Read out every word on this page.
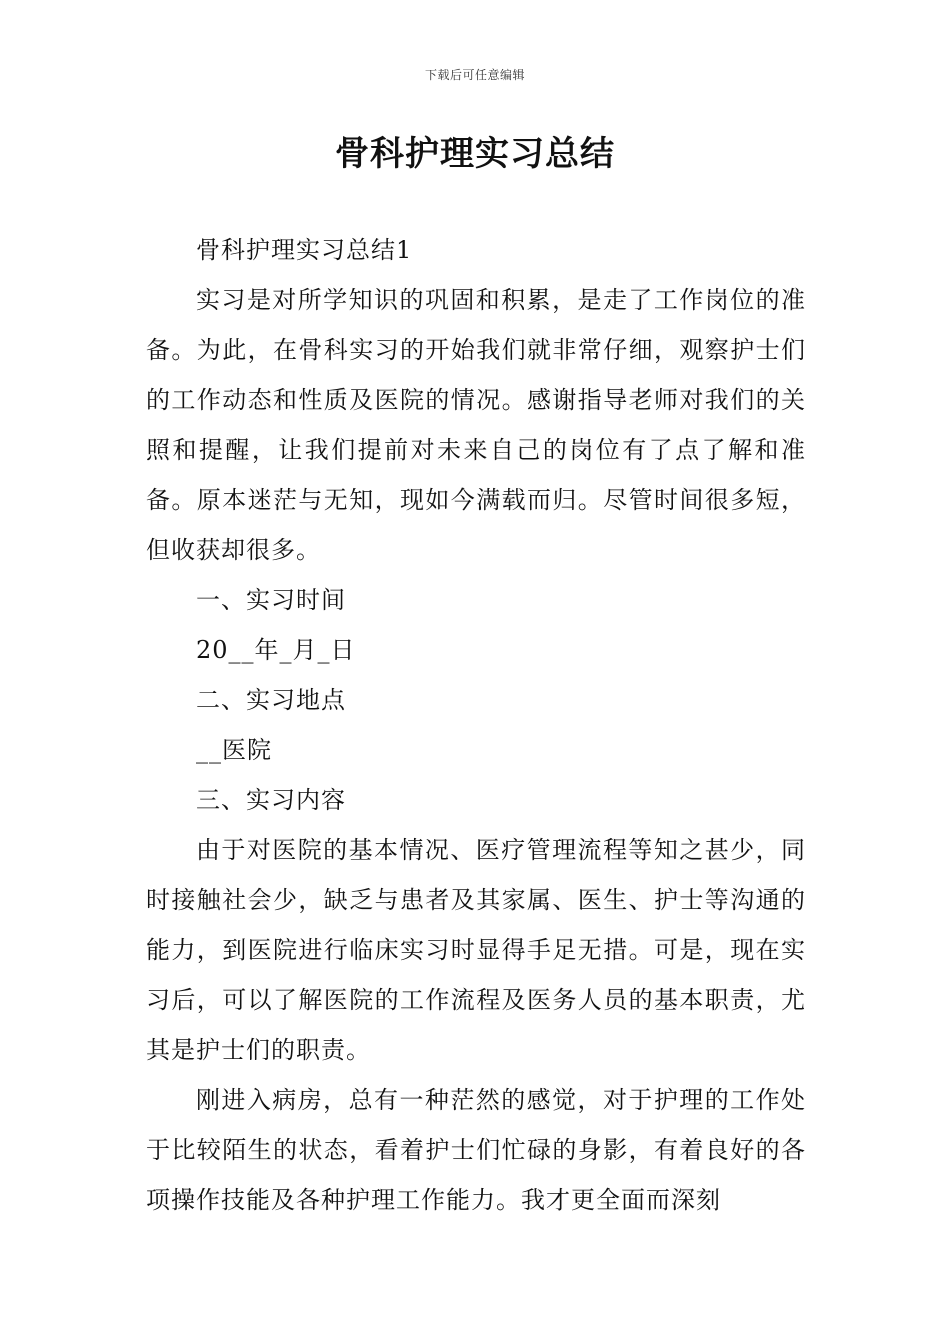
下载后可任意编辑
骨科护理实习总结

骨科护理实习总结1

实习是对所学知识的巩固和积累，是走了工作岗位的准备。为此，在骨科实习的开始我们就非常仔细，观察护士们的工作动态和性质及医院的情况。感谢指导老师对我们的关照和提醒，让我们提前对未来自己的岗位有了点了解和准备。原本迷茫与无知，现如今满载而归。尽管时间很多短，但收获却很多。

一、实习时间

20__年_月_日

二、实习地点

__医院

三、实习内容

由于对医院的基本情况、医疗管理流程等知之甚少，同时接触社会少，缺乏与患者及其家属、医生、护士等沟通的能力，到医院进行临床实习时显得手足无措。可是，现在实习后，可以了解医院的工作流程及医务人员的基本职责，尤其是护士们的职责。

刚进入病房，总有一种茫然的感觉，对于护理的工作处于比较陌生的状态，看着护士们忙碌的身影，有着良好的各项操作技能及各种护理工作能力。我才更全面而深刻
